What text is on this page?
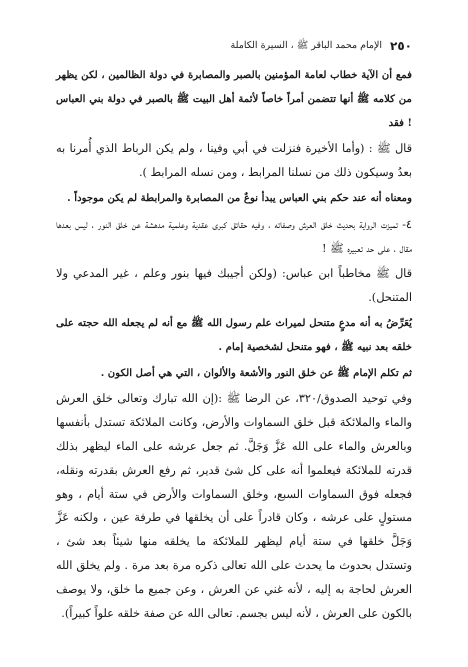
٢٥٠
الإمام محمد الباقر ﷺ ، السيرة الكاملة

فمع أن الآية خطاب لعامة المؤمنين بالصبر والمصابرة في دولة الظالمين ، لكن يظهر من كلامه ﷺ أنها تتضمن أمراً خاصاً لأئمة أهل البيت ﷺ بالصبر في دولة بني العباس ! فقد

قال ﷺ : (وأما الأخيرة فنزلت في أبي وفينا ، ولم يكن الرباط الذي أُمرنا به بعدُ وسيكون ذلك من نسلنا المرابط ، ومن نسله المرابط ).

ومعناه أنه عند حكم بني العباس يبدأ نوعٌ من المصابرة والمرابطة لم يكن موجوداً .

٤- تميزت الرواية بحديث خلق العرش وصفاته ، وفيه حقائق كبرى عقدية وعلمية مدهشة عن خلق النور ، ليس بعدها مقال ، على حد تعبيره ﷺ !

قال ﷺ مخاطباً ابن عباس: (ولكن أجيبك فيها بنور وعلم ، غير المدعي ولا المتنحل).

يُعَرِّضُ به أنه مدعٍ متنحل لميراث علم رسول الله ﷺ مع أنه لم يجعله الله حجته على خلقه بعد نبيه ﷺ ، فهو متنحل لشخصية إمام .

ثم تكلم الإمام ﷺ عن خلق النور والأشعة والألوان ، التي هي أصل الكون .

وفي توحيد الصدوق/٣٢٠، عن الرضا ﷺ :(إن الله تبارك وتعالى خلق العرش والماء والملائكة قبل خلق السماوات والأرض، وكانت الملائكة تستدل بأنفسها وبالعرش والماء على الله عَزَّ وَجَلَّ. ثم جعل عرشه على الماء ليظهر بذلك قدرته للملائكة فيعلموا أنه على كل شئ قدير، ثم رفع العرش بقدرته ونقله، فجعله فوق السماوات السبع، وخلق السماوات والأرض في ستة أيام ، وهو مستولٍ على عرشه ، وكان قادراً على أن يخلقها في طرفة عين ، ولكنه عَزَّ وَجَلَّ خلقها في ستة أيام ليظهر للملائكة ما يخلقه منها شيئاً بعد شئ ، وتستدل بحدوث ما يحدث على الله تعالى ذكره مرة بعد مرة . ولم يخلق الله العرش لحاجة به إليه ، لأنه غني عن العرش ، وعن جميع ما خلق، ولا يوصف بالكون على العرش ، لأنه ليس بجسم. تعالى الله عن صفة خلقه علواً كبيراً).
